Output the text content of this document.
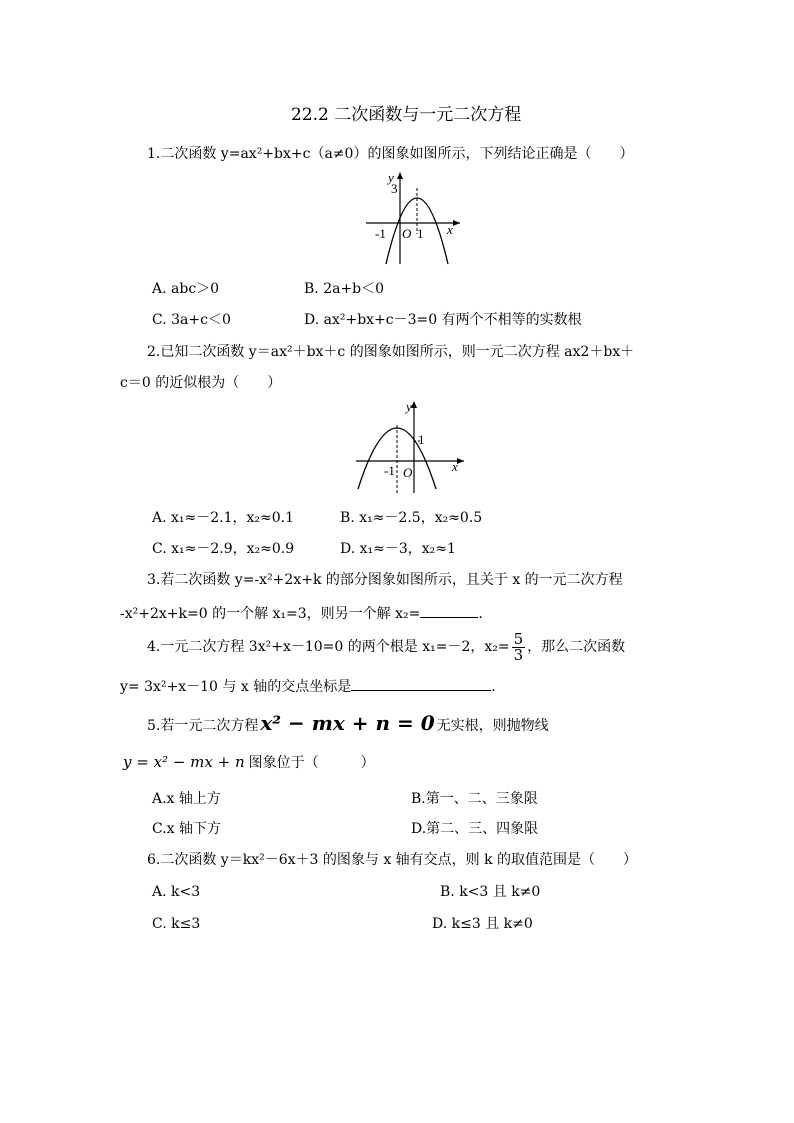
22.2 二次函数与一元二次方程
1.二次函数 y=ax²+bx+c（a≠0）的图象如图所示，下列结论正确是（　　）
y
3
-1 O 1 x
A. abc＞0	B. 2a+b＜0
C. 3a+c＜0	D. ax²+bx+c－3=0 有两个不相等的实数根
2.已知二次函数 y＝ax²＋bx＋c 的图象如图所示，则一元二次方程 ax2＋bx＋
c＝0 的近似根为（　　）
y
1
-1 O	x
A. x₁≈－2.1，x₂≈0.1	B. x₁≈－2.5，x₂≈0.5
C. x₁≈－2.9，x₂≈0.9	D. x₁≈－3，x₂≈1
3.若二次函数 y=-x²+2x+k 的部分图象如图所示，且关于 x 的一元二次方程
-x²+2x+k=0 的一个解 x₁=3，则另一个解 x₂=	.
4.一元二次方程 3x²+x－10=0 的两个根是 x₁=－2，$x_2= \frac{5}{3}$ ，那么二次函数
y= 3x²+x－10 与 x 轴的交点坐标是	.
5.若一元二次方程 x² − mx + n = 0 无实根，则抛物线
y = x² − mx + n 图象位于（　　　）
A.x 轴上方	B.第一、二、三象限
C.x 轴下方	D.第二、三、四象限
6.二次函数 y＝kx²－6x＋3 的图象与 x 轴有交点，则 k 的取值范围是（　　）
A. k<3	B. k<3 且 k≠0
C. k≤3	D. k≤3 且 k≠0
